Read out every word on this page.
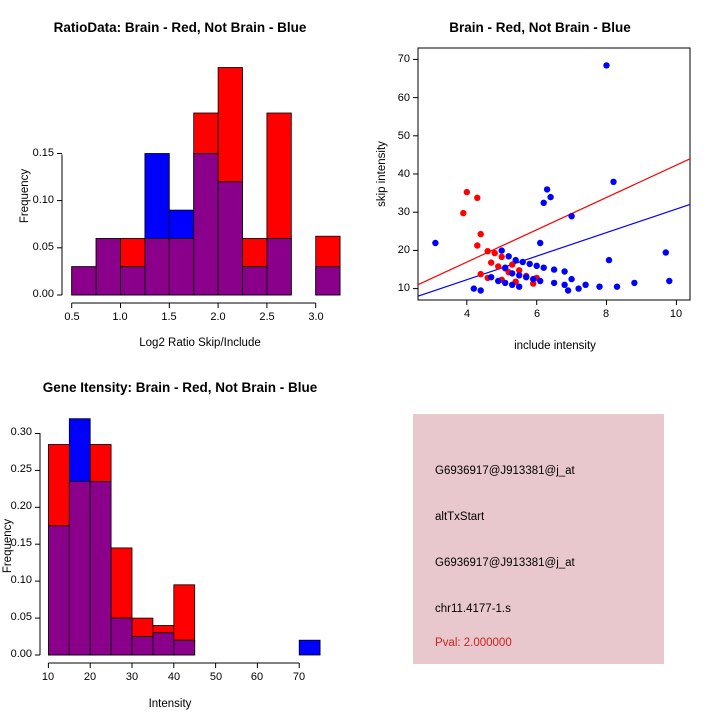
RatioData: Brain - Red, Not Brain - Blue
0.00
0.05
0.10
0.15
0.5	1.0	1.5	2.0	2.5	3.0
Log2 Ratio Skip/Include
Frequency
Brain - Red, Not Brain - Blue
10
20
30
40
50
60
70
4	6	8	10
include intensity
skip intensity
Gene Itensity: Brain - Red, Not Brain - Blue
0.00
0.05
0.10
0.15
0.20
0.25
0.30
10	20	30	40	50	60	70
Intensity
Frequency
G6936917@J913381@j_at
altTxStart
G6936917@J913381@j_at
chr11.4177-1.s
Pval: 2.000000
